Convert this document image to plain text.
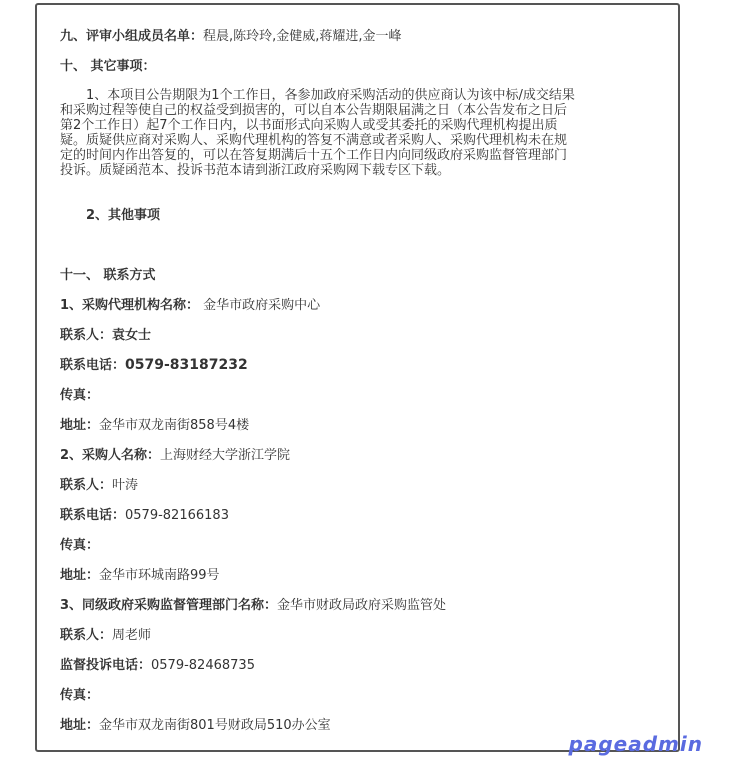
九、评审小组成员名单：程晨,陈玲玲,金健威,蒋耀进,金一峰
十、 其它事项：
1、本项目公告期限为1个工作日，各参加政府采购活动的供应商认为该中标/成交结果
和采购过程等使自己的权益受到损害的，可以自本公告期限届满之日（本公告发布之日后
第2个工作日）起7个工作日内，以书面形式向采购人或受其委托的采购代理机构提出质
疑。质疑供应商对采购人、采购代理机构的答复不满意或者采购人、采购代理机构未在规
定的时间内作出答复的，可以在答复期满后十五个工作日内向同级政府采购监督管理部门
投诉。质疑函范本、投诉书范本请到浙江政府采购网下载专区下载。
2、其他事项
十一、 联系方式
1、采购代理机构名称： 金华市政府采购中心
联系人：袁女士
联系电话：0579-83187232
传真：
地址：金华市双龙南街858号4楼
2、采购人名称：上海财经大学浙江学院
联系人：叶涛
联系电话：0579-82166183
传真：
地址：金华市环城南路99号
3、同级政府采购监督管理部门名称：金华市财政局政府采购监管处
联系人：周老师
监督投诉电话：0579-82468735
传真：
地址：金华市双龙南街801号财政局510办公室
pageadmin
